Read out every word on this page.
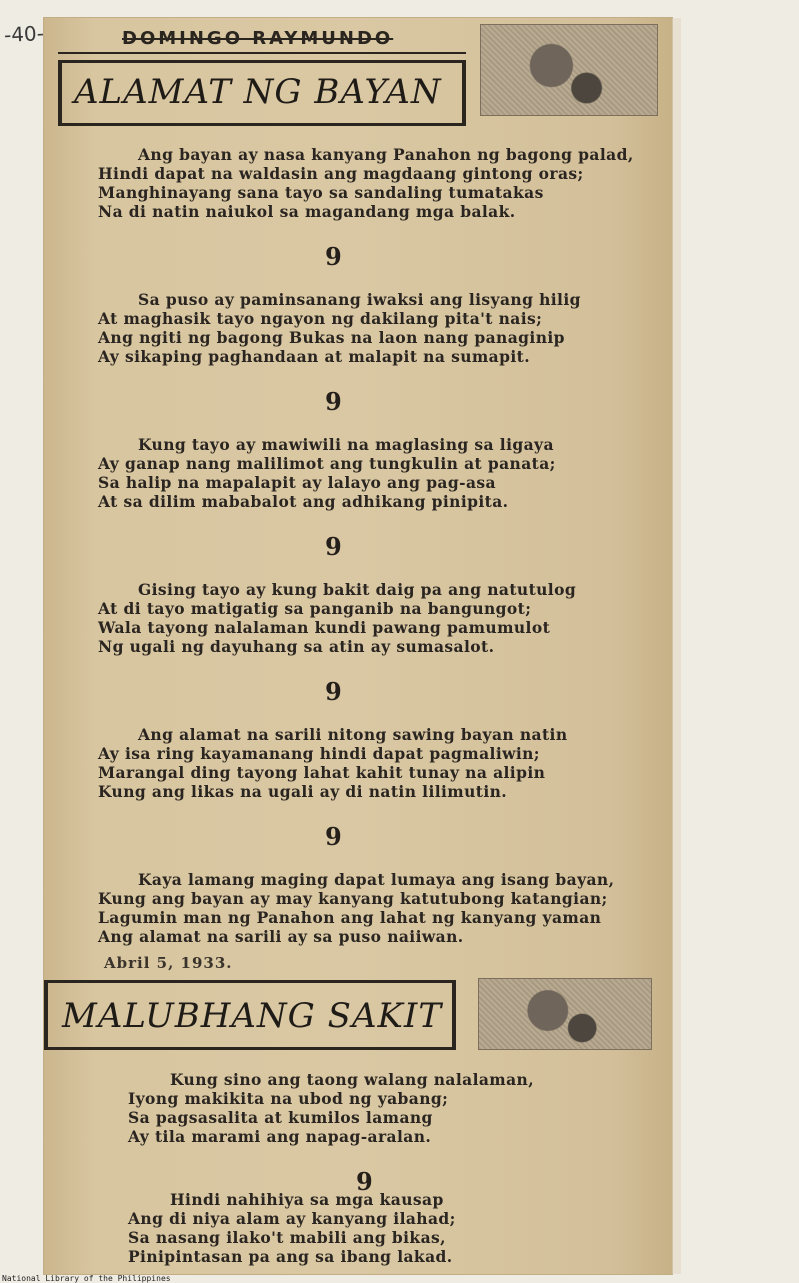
-40-	DOMINGO RAYMUNDO
ALAMAT NG BAYAN
Ang bayan ay nasa kanyang Panahon ng bagong palad,
Hindi dapat na waldasin ang magdaang gintong oras;
Manghinayang sana tayo sa sandaling tumatakas
Na di natin naiukol sa magandang mga balak.
6
Sa puso ay paminsanang iwaksi ang lisyang hilig
At maghasik tayo ngayon ng dakilang pita't nais;
Ang ngiti ng bagong Bukas na laon nang panaginip
Ay sikaping paghandaan at malapit na sumapit.
6
Kung tayo ay mawiwili na maglasing sa ligaya
Ay ganap nang malilimot ang tungkulin at panata;
Sa halip na mapalapit ay lalayo ang pag-asa
At sa dilim mababalot ang adhikang pinipita.
6
Gising tayo ay kung bakit daig pa ang natutulog
At di tayo matigatig sa panganib na bangungot;
Wala tayong nalalaman kundi pawang pamumulot
Ng ugali ng dayuhang sa atin ay sumasalot.
6
Ang alamat na sarili nitong sawing bayan natin
Ay isa ring kayamanang hindi dapat pagmaliwin;
Marangal ding tayong lahat kahit tunay na alipin
Kung ang likas na ugali ay di natin lilimutin.
6
Kaya lamang maging dapat lumaya ang isang bayan,
Kung ang bayan ay may kanyang katutubong katangian;
Lagumin man ng Panahon ang lahat ng kanyang yaman
Ang alamat na sarili ay sa puso naiiwan.
Abril 5, 1933.
MALUBHANG SAKIT
Kung sino ang taong walang nalalaman,
Iyong makikita na ubod ng yabang;
Sa pagsasalita at kumilos lamang
Ay tila marami ang napag-aralan.
6
Hindi nahihiya sa mga kausap
Ang di niya alam ay kanyang ilahad;
Sa nasang ilako't mabili ang bikas,
Pinipintasan pa ang sa ibang lakad.
National Library of the Philippines
